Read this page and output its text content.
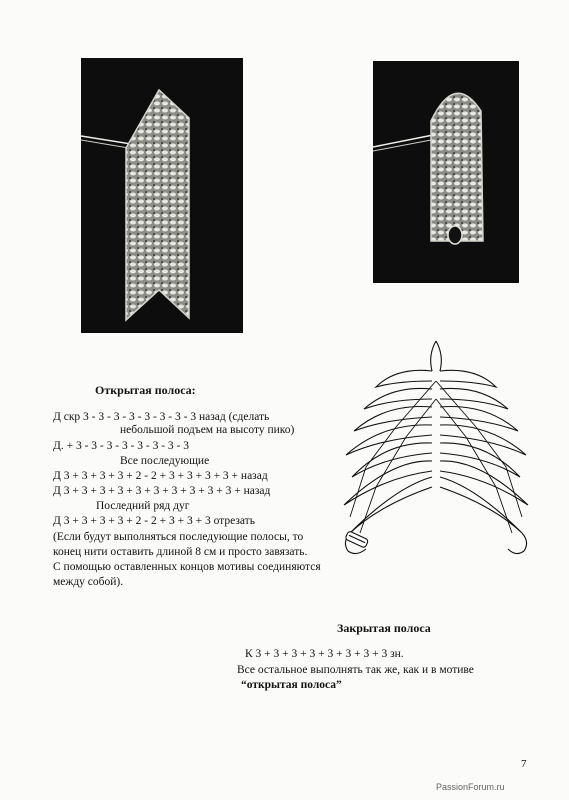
Открытая полоса:
Д скр 3 - 3 - 3 - 3 - 3 - 3 - 3 - 3 назад (сделать
небольшой подъем на высоту пико)
Д. + 3 - 3 - 3 - 3 - 3 - 3 - 3 - 3
Все последующие
Д 3 + 3 + 3 + 3 + 2 - 2 + 3 + 3 + 3 + 3 + назад
Д 3 + 3 + 3 + 3 + 3 + 3 + 3 + 3 + 3 + 3 + назад
Последний ряд дуг
Д 3 + 3 + 3 + 3 + 2 - 2 + 3 + 3 + 3 отрезать
(Если будут выполняться последующие полосы, то
конец нити оставить длиной 8 см и просто завязать.
С помощью оставленных концов мотивы соединяются
между собой).
Закрытая полоса
К 3 + 3 + 3 + 3 + 3 + 3 + 3 + 3 зн.
Все остальное выполнять так же, как и в мотиве
“открытая полоса”
7
PassionForum.ru
